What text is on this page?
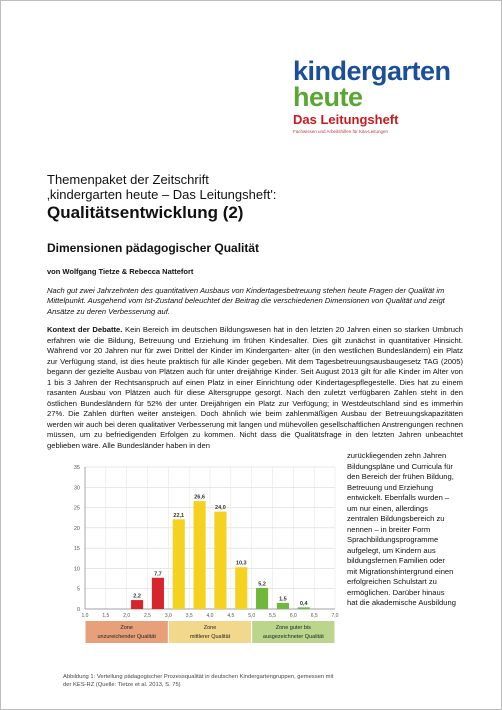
kindergarten
heute
Das Leitungsheft
Fachwissen und Arbeitshilfen für Kita-Leitungen
Themenpaket der Zeitschrift
‚kindergarten heute – Das Leitungsheft':
Qualitätsentwicklung (2)
Dimensionen pädagogischer Qualität
von Wolfgang Tietze & Rebecca Nattefort
Nach gut zwei Jahrzehnten des quantitativen Ausbaus von Kindertagesbetreuung stehen heute Fragen der Qualität im Mittelpunkt. Ausgehend vom Ist-Zustand beleuchtet der Beitrag die verschiedenen Dimensionen von Qualität und zeigt Ansätze zu deren Verbesserung auf.
Kontext der Debatte. Kein Bereich im deutschen Bildungswesen hat in den letzten 20 Jahren einen so starken Umbruch erfahren wie die Bildung, Betreuung und Erziehung im frühen Kindesalter. Dies gilt zunächst in quantitativer Hinsicht. Während vor 20 Jahren nur für zwei Drittel der Kinder im Kindergarten- alter (in den westlichen Bundesländern) ein Platz zur Verfügung stand, ist dies heute praktisch für alle Kinder gegeben. Mit dem Tagesbetreuungsausbaugesetz TAG (2005) begann der gezielte Ausbau von Plätzen auch für unter dreijährige Kinder. Seit August 2013 gilt für alle Kinder im Alter von 1 bis 3 Jahren der Rechtsanspruch auf einen Platz in einer Einrichtung oder Kindertagespflegestelle. Dies hat zu einem rasanten Ausbau von Plätzen auch für diese Altersgruppe gesorgt. Nach den zuletzt verfügbaren Zahlen steht in den östlichen Bundesländern für 52% der unter Dreijährigen ein Platz zur Verfügung; in Westdeutschland sind es immerhin 27%. Die Zahlen dürften weiter ansteigen. Doch ähnlich wie beim zahlenmäßigen Ausbau der Betreuungskapazitäten werden wir auch bei deren qualitativer Verbesserung mit langen und mühevollen gesellschaftlichen Anstrengungen rechnen müssen, um zu befriedigenden Erfolgen zu kommen. Nicht dass die Qualitätsfrage in den letzten Jahren unbeachtet geblieben wäre. Alle Bundesländer haben in den
zurückliegenden zehn Jahren Bildungspläne und Curricula für den Bereich der frühen Bildung, Betreuung und Erziehung entwickelt. Ebenfalls wurden – um nur einen, allerdings zentralen Bildungsbereich zu nennen – in breiter Form Sprachbildungsprogramme aufgelegt, um Kindern aus bildungsfernen Familien oder mit Migrationshintergrund einen erfolgreichen Schulstart zu ermöglichen. Darüber hinaus hat die akademische Ausbildung
0
5
10
15
20
25
30
35
1,0	1,5	2,0	2,5	3,0	3,5	4,0	4,5	5,0	5,5	6,0	6,5	7,0
2,2
7,7
22,1
26,6
24,0
10,3
5,2
1,5
0,4
Zone
unzureichender Qualität
Zone
mittlerer Qualität
Zone guter bis
ausgezeichneter Qualität
Abbildung 1: Verteilung pädagogischer Prozessqualität in deutschen Kindergartengruppen, gemessen mit der KES-RZ (Quelle: Tietze et al. 2013, S. 75)
